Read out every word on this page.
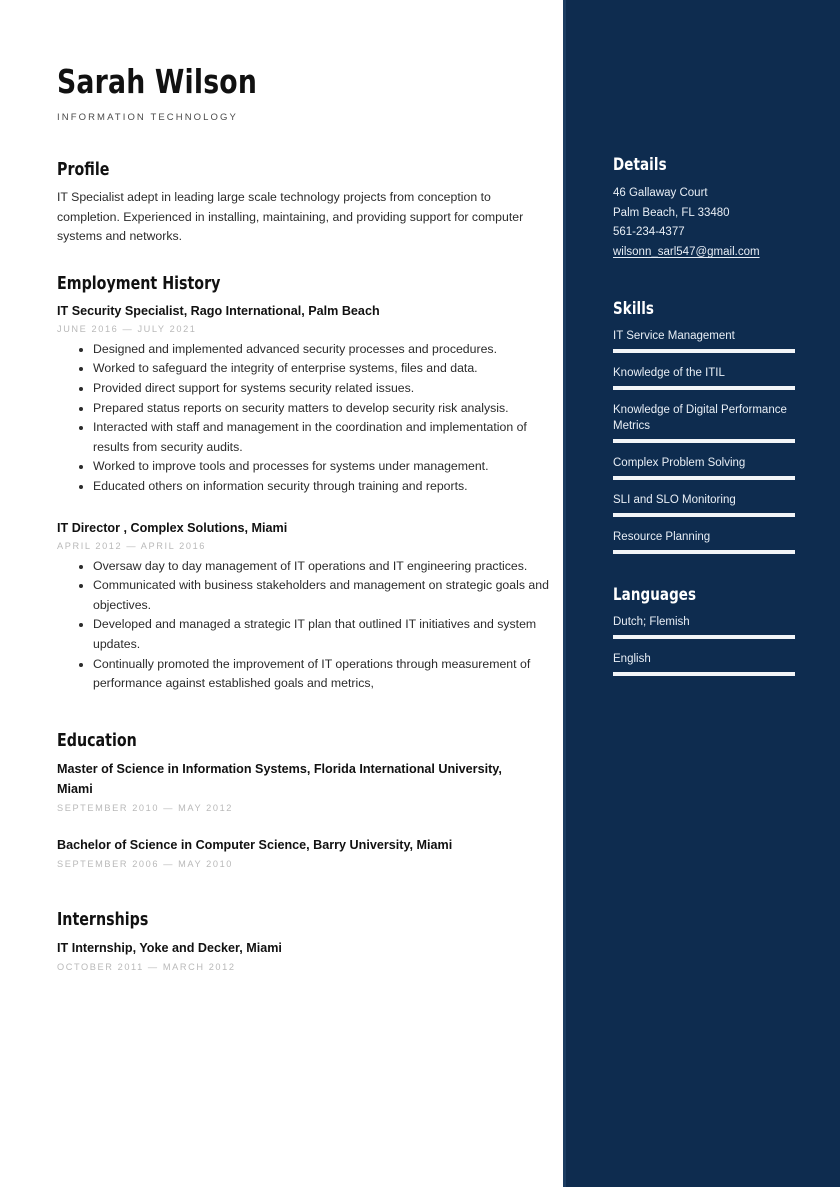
Sarah Wilson
INFORMATION TECHNOLOGY
Profile

IT Specialist adept in leading large scale technology projects from conception to completion. Experienced in installing, maintaining, and providing support for computer systems and networks.

Employment History
IT Security Specialist, Rago International, Palm Beach
JUNE 2016 — JULY 2021
Designed and implemented advanced security processes and procedures.
Worked to safeguard the integrity of enterprise systems, files and data.
Provided direct support for systems security related issues.
Prepared status reports on security matters to develop security risk analysis.
Interacted with staff and management in the coordination and implementation of results from security audits.
Worked to improve tools and processes for systems under management.
Educated others on information security through training and reports.
IT Director , Complex Solutions, Miami
APRIL 2012 — APRIL 2016
Oversaw day to day management of IT operations and IT engineering practices.
Communicated with business stakeholders and management on strategic goals and objectives.
Developed and managed a strategic IT plan that outlined IT initiatives and system updates.
Continually promoted the improvement of IT operations through measurement of performance against established goals and metrics,
Education
Master of Science in Information Systems, Florida International University, Miami
SEPTEMBER 2010 — MAY 2012
Bachelor of Science in Computer Science, Barry University, Miami
SEPTEMBER 2006 — MAY 2010
Internships
IT Internship, Yoke and Decker, Miami
OCTOBER 2011 — MARCH 2012
Details
46 Gallaway Court
Palm Beach, FL 33480
561-234-4377
wilsonn_sarl547@gmail.com
Skills
IT Service Management
Knowledge of the ITIL
Knowledge of Digital Performance Metrics
Complex Problem Solving
SLI and SLO Monitoring
Resource Planning
Languages
Dutch; Flemish
English
